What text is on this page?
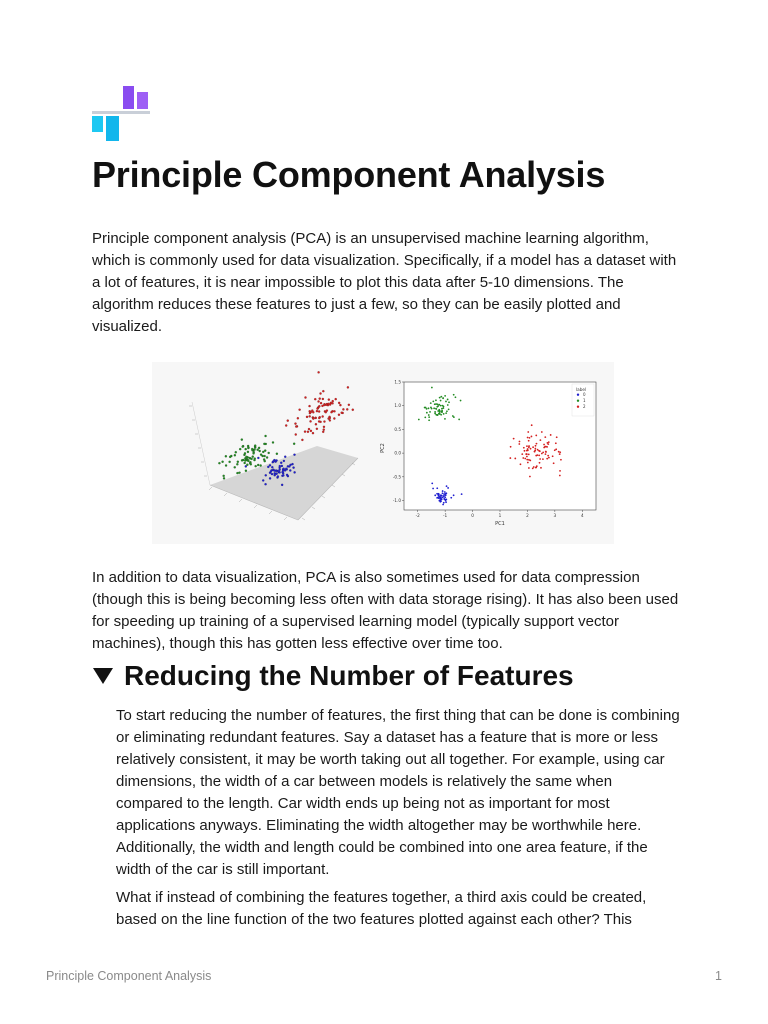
Principle Component Analysis

Principle component analysis (PCA) is an unsupervised machine learning algorithm, which is commonly used for data visualization. Specifically, if a model has a dataset with a lot of features, it is near impossible to plot this data after 5-10 dimensions. The algorithm reduces these features to just a few, so they can be easily plotted and visualized.

-2	-1	0	1	2	3	4
1.5
1.0
0.5
0.0
-0.5
-1.0
PC1
PC2
label
0
1
2

In addition to data visualization, PCA is also sometimes used for data compression (though this is being becoming less often with data storage rising). It has also been used for speeding up training of a supervised learning model (typically support vector machines), though this has gotten less effective over time too.

Reducing the Number of Features

To start reducing the number of features, the first thing that can be done is combining or eliminating redundant features. Say a dataset has a feature that is more or less relatively consistent, it may be worth taking out all together. For example, using car dimensions, the width of a car between models is relatively the same when compared to the length. Car width ends up being not as important for most applications anyways. Eliminating the width altogether may be worthwhile here. Additionally, the width and length could be combined into one area feature, if the width of the car is still important.

What if instead of combining the features together, a third axis could be created, based on the line function of the two features plotted against each other? This

Principle Component Analysis	1
